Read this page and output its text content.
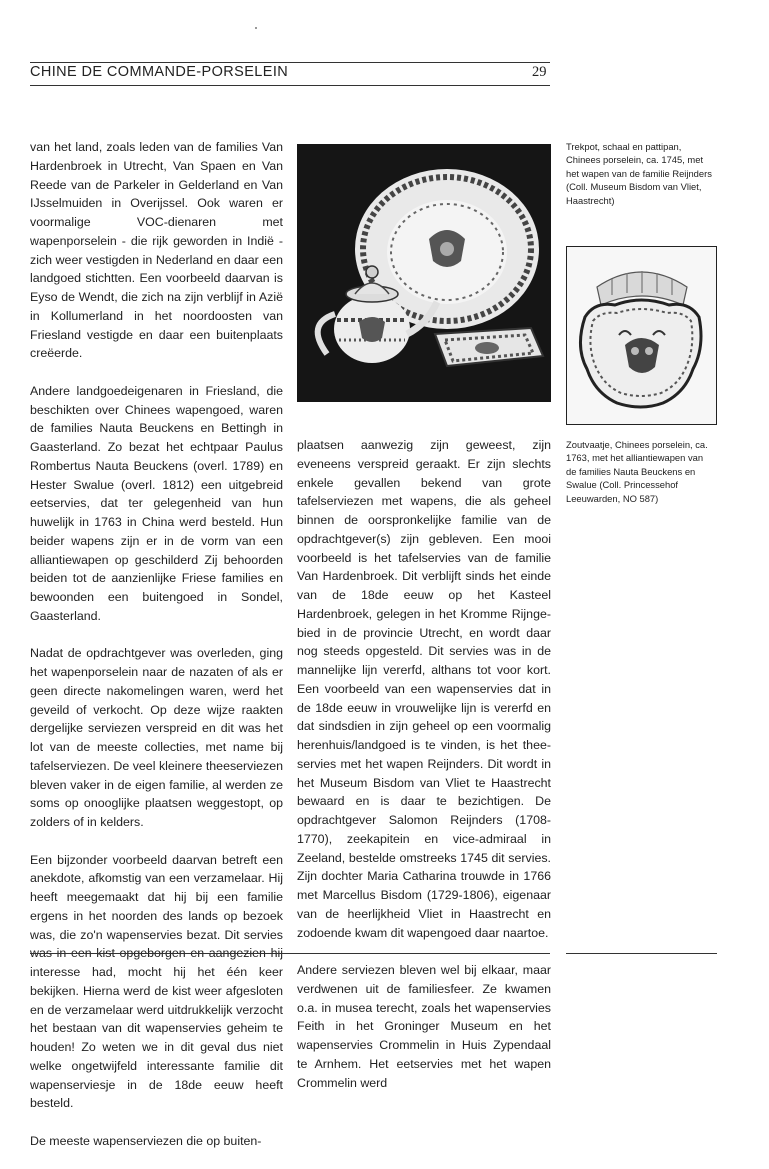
CHINE DE COMMANDE-PORSELEIN	29

van het land, zoals leden van de families Van Hardenbroek in Utrecht, Van Spaen en Van Reede van de Parkeler in Gelderland en Van IJsselmuiden in Overijssel. Ook waren er voormalige VOC-dienaren met wapenporselein - die rijk geworden in Indië - zich weer vestigden in Nederland en daar een landgoed stichtten. Een voorbeeld daarvan is Eyso de Wendt, die zich na zijn verblijf in Azië in Kollumerland in het noordoosten van Friesland vestigde en daar een buitenplaats creëerde.

Andere landgoedeigenaren in Friesland, die beschikten over Chinees wapengoed, waren de families Nauta Beuckens en Bettingh in Gaasterland. Zo bezat het echtpaar Paulus Rombertus Nauta Beuckens (overl. 1789) en Hester Swalue (overl. 1812) een uitgebreid eetservies, dat ter gelegenheid van hun huwelijk in 1763 in China werd besteld. Hun beider wapens zijn er in de vorm van een alliantiewapen op geschilderd Zij behoorden beiden tot de aanzienlijke Friese families en bewoonden een buitengoed in Sondel, Gaasterland.

Nadat de opdrachtgever was overleden, ging het wapenporselein naar de nazaten of als er geen directe nakomelingen waren, werd het geveild of verkocht. Op deze wijze raakten dergelijke serviezen verspreid en dit was het lot van de meeste collecties, met name bij tafelserviezen. De veel kleinere theeserviezen bleven vaker in de eigen familie, al werden ze soms op onooglijke plaatsen weggestopt, op zolders of in kelders.

Een bijzonder voorbeeld daarvan betreft een anekdote, afkomstig van een verzamelaar. Hij heeft meegemaakt dat hij bij een familie ergens in het noorden des lands op bezoek was, die zo'n wapenservies bezat. Dit servies was in een kist opgeborgen en aangezien hij interesse had, mocht hij het één keer bekijken. Hierna werd de kist weer afgesloten en de verzamelaar werd uitdrukkelijk verzocht het bestaan van dit wapenservies geheim te houden! Zo weten we in dit geval dus niet welke ongetwijfeld interessante familie dit wapenserviesje in de 18de eeuw heeft besteld.

De meeste wapenserviezen die op buiten-

Trekpot, schaal en pattipan, Chinees porselein, ca. 1745, met het wapen van de familie Reijnders (Coll. Museum Bisdom van Vliet, Haastrecht)
Zoutvaatje, Chinees porselein, ca. 1763, met het alliantiewapen van de families Nauta Beuckens en Swalue (Coll. Princessehof Leeuwarden, NO 587)

plaatsen aanwezig zijn geweest, zijn eveneens verspreid geraakt. Er zijn slechts enkele gevallen bekend van grote tafelserviezen met wapens, die als geheel binnen de oorspronkelijke familie van de opdrachtgever(s) zijn gebleven. Een mooi voorbeeld is het tafelservies van de familie Van Hardenbroek. Dit verblijft sinds het einde van de 18de eeuw op het Kasteel Hardenbroek, gelegen in het Kromme Rijngebied in de provincie Utrecht, en wordt daar nog steeds opgesteld. Dit servies was in de mannelijke lijn vererfd, althans tot voor kort. Een voorbeeld van een wapenservies dat in de 18de eeuw in vrouwelijke lijn is vererfd en dat sindsdien in zijn geheel op een voormalig herenhuis/landgoed is te vinden, is het theeservies met het wapen Reijnders. Dit wordt in het Museum Bisdom van Vliet te Haastrecht bewaard en is daar te bezichtigen. De opdrachtgever Salomon Reijnders (1708-1770), zeekapitein en vice-admiraal in Zeeland, bestelde omstreeks 1745 dit servies. Zijn dochter Maria Catharina trouwde in 1766 met Marcellus Bisdom (1729-1806), eigenaar van de heerlijkheid Vliet in Haastrecht en zodoende kwam dit wapengoed daar naartoe.

Andere serviezen bleven wel bij elkaar, maar verdwenen uit de familiesfeer. Ze kwamen o.a. in musea terecht, zoals het wapenservies Feith in het Groninger Museum en het wapenservies Crommelin in Huis Zypendaal te Arnhem. Het eetservies met het wapen Crommelin werd
